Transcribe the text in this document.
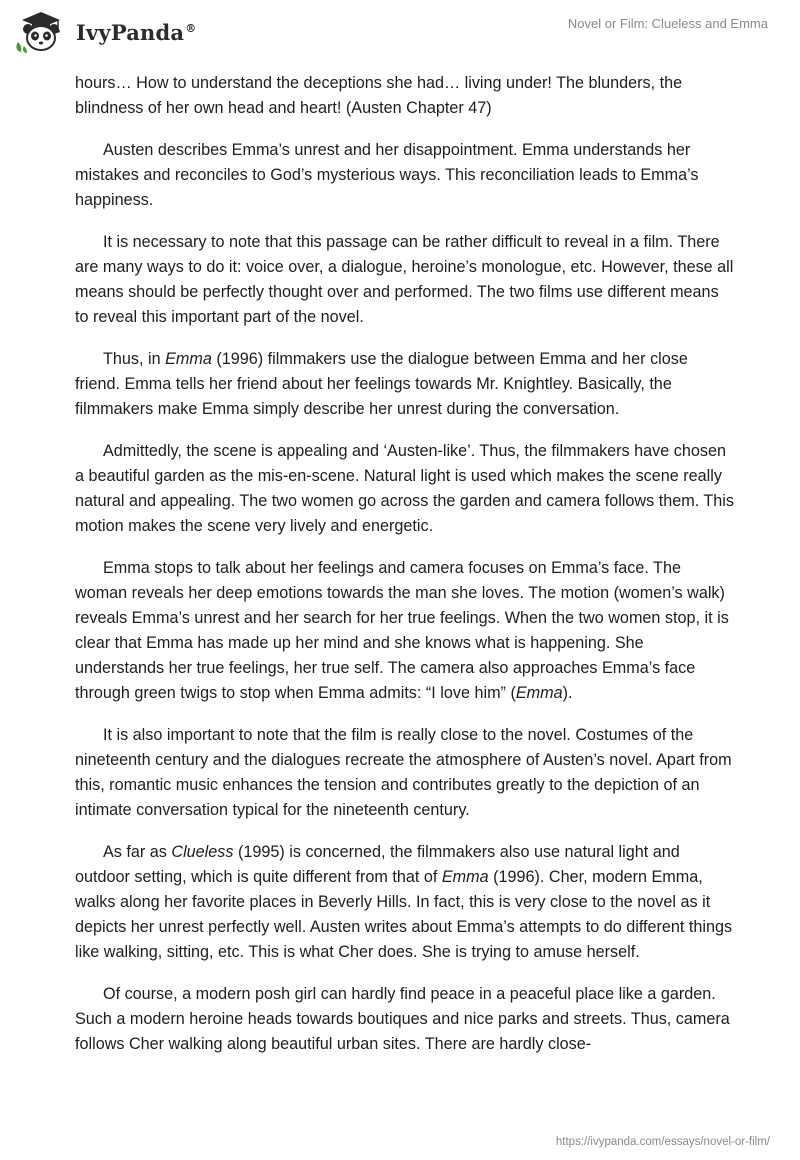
IvyPanda®	Novel or Film: Clueless and Emma

hours… How to understand the deceptions she had… living under! The blunders, the blindness of her own head and heart! (Austen Chapter 47)

Austen describes Emma’s unrest and her disappointment. Emma understands her mistakes and reconciles to God’s mysterious ways. This reconciliation leads to Emma’s happiness.

It is necessary to note that this passage can be rather difficult to reveal in a film. There are many ways to do it: voice over, a dialogue, heroine’s monologue, etc. However, these all means should be perfectly thought over and performed. The two films use different means to reveal this important part of the novel.

Thus, in Emma (1996) filmmakers use the dialogue between Emma and her close friend. Emma tells her friend about her feelings towards Mr. Knightley. Basically, the filmmakers make Emma simply describe her unrest during the conversation.

Admittedly, the scene is appealing and ‘Austen-like’. Thus, the filmmakers have chosen a beautiful garden as the mis-en-scene. Natural light is used which makes the scene really natural and appealing. The two women go across the garden and camera follows them. This motion makes the scene very lively and energetic.

Emma stops to talk about her feelings and camera focuses on Emma’s face. The woman reveals her deep emotions towards the man she loves. The motion (women’s walk) reveals Emma’s unrest and her search for her true feelings. When the two women stop, it is clear that Emma has made up her mind and she knows what is happening. She understands her true feelings, her true self. The camera also approaches Emma’s face through green twigs to stop when Emma admits: “I love him” (Emma).

It is also important to note that the film is really close to the novel. Costumes of the nineteenth century and the dialogues recreate the atmosphere of Austen’s novel. Apart from this, romantic music enhances the tension and contributes greatly to the depiction of an intimate conversation typical for the nineteenth century.

As far as Clueless (1995) is concerned, the filmmakers also use natural light and outdoor setting, which is quite different from that of Emma (1996). Cher, modern Emma, walks along her favorite places in Beverly Hills. In fact, this is very close to the novel as it depicts her unrest perfectly well. Austen writes about Emma’s attempts to do different things like walking, sitting, etc. This is what Cher does. She is trying to amuse herself.

Of course, a modern posh girl can hardly find peace in a peaceful place like a garden. Such a modern heroine heads towards boutiques and nice parks and streets. Thus, camera follows Cher walking along beautiful urban sites. There are hardly close-

https://ivypanda.com/essays/novel-or-film/
